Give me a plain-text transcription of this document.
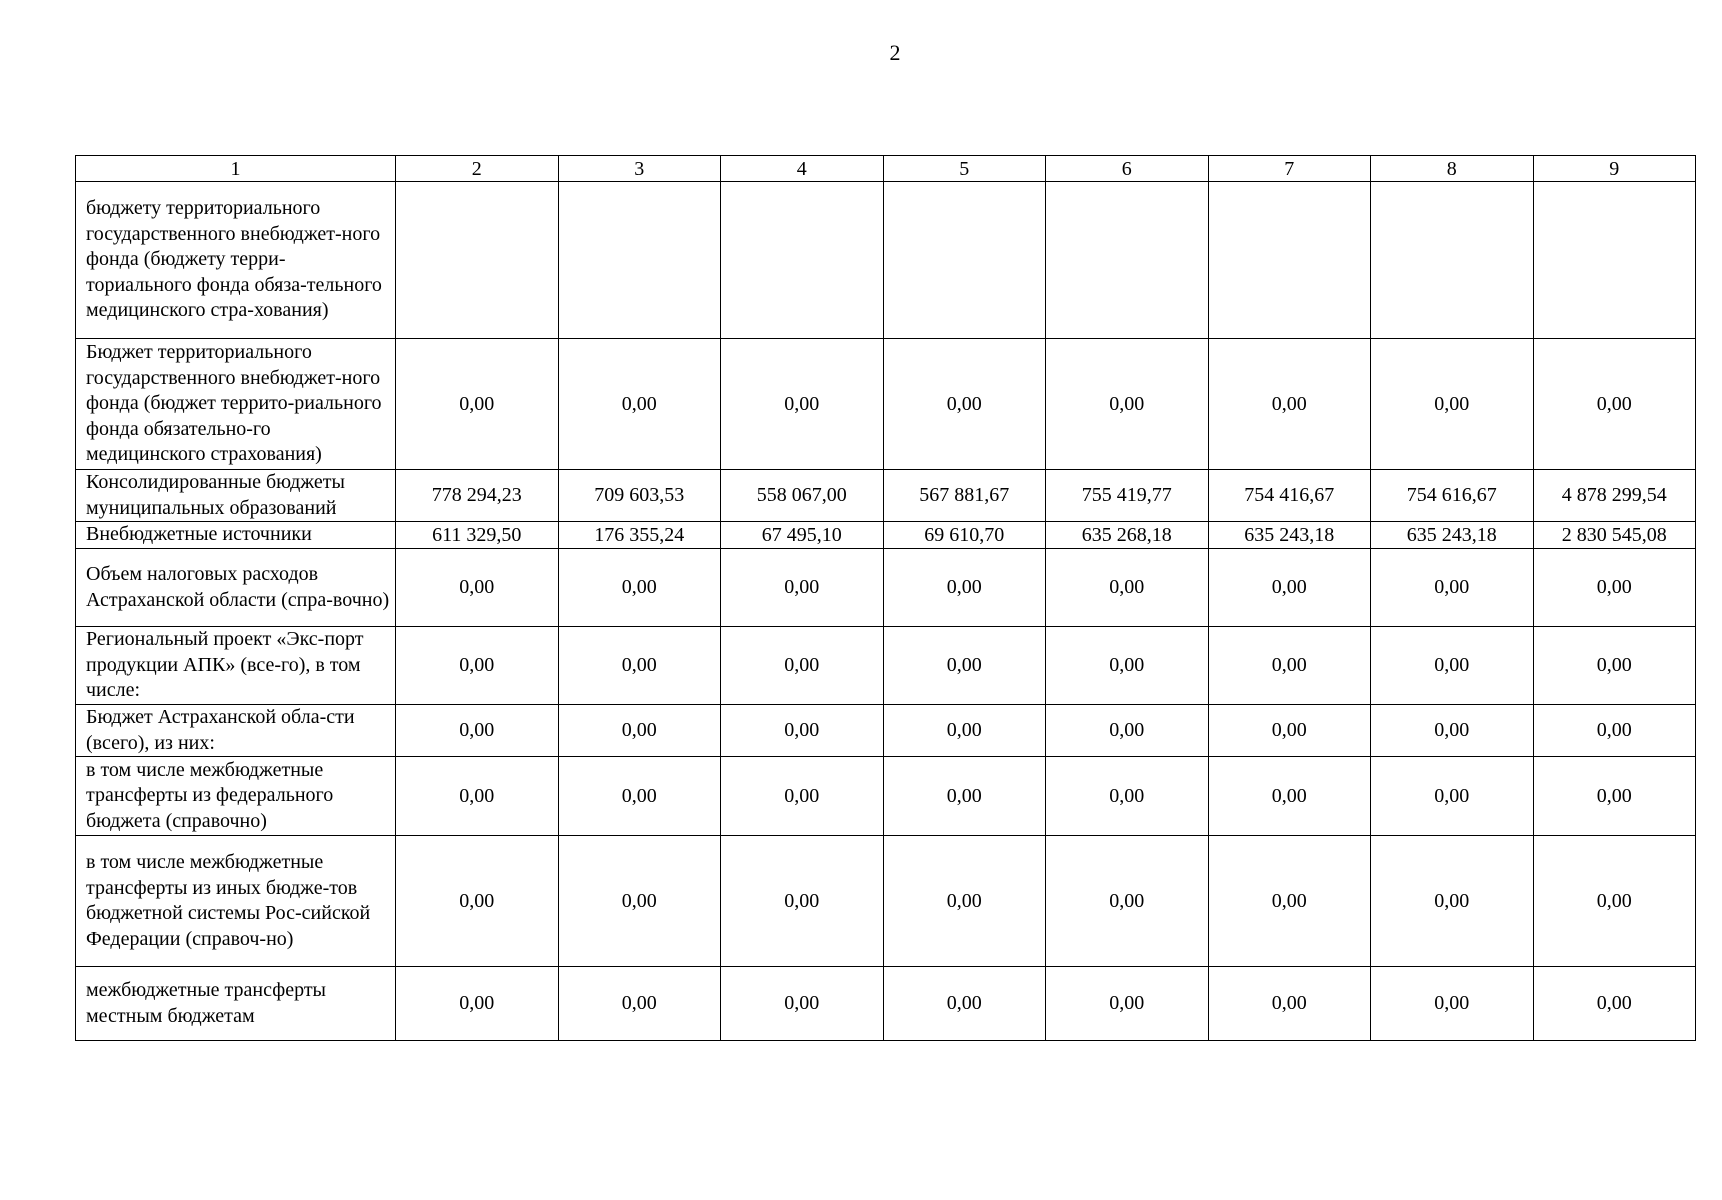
2
1	2	3	4	5	6	7	8	9
бюджету территориального государственного внебюджет-ного фонда (бюджету терри-ториального фонда обяза-тельного медицинского стра-хования)								
Бюджет территориального государственного внебюджет-ного фонда (бюджет террито-риального фонда обязательно-го медицинского страхования)	0,00	0,00	0,00	0,00	0,00	0,00	0,00	0,00
Консолидированные бюджеты муниципальных образований	778 294,23	709 603,53	558 067,00	567 881,67	755 419,77	754 416,67	754 616,67	4 878 299,54
Внебюджетные источники	611 329,50	176 355,24	67 495,10	69 610,70	635 268,18	635 243,18	635 243,18	2 830 545,08
Объем налоговых расходов Астраханской области (спра-вочно)	0,00	0,00	0,00	0,00	0,00	0,00	0,00	0,00
Региональный проект «Экс-порт продукции АПК» (все-го), в том числе:	0,00	0,00	0,00	0,00	0,00	0,00	0,00	0,00
Бюджет Астраханской обла-сти (всего), из них:	0,00	0,00	0,00	0,00	0,00	0,00	0,00	0,00
в том числе межбюджетные трансферты из федерального бюджета (справочно)	0,00	0,00	0,00	0,00	0,00	0,00	0,00	0,00
в том числе межбюджетные трансферты из иных бюдже-тов бюджетной системы Рос-сийской Федерации (справоч-но)	0,00	0,00	0,00	0,00	0,00	0,00	0,00	0,00
межбюджетные трансферты местным бюджетам	0,00	0,00	0,00	0,00	0,00	0,00	0,00	0,00
